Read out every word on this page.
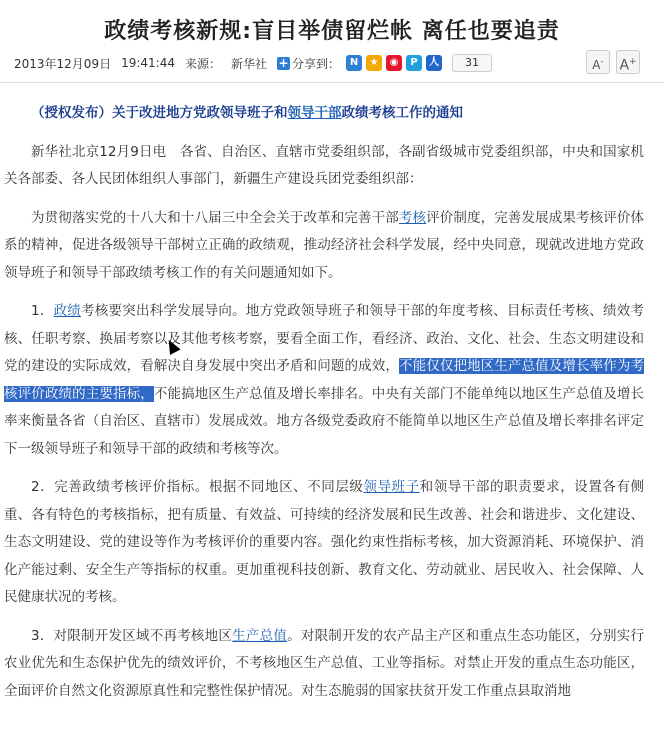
政绩考核新规:盲目举债留烂帐 离任也要追责
2013年12月09日 19:41:44 来源： 新华社 + 分享到： N	★	◉	P	人	31	A-	A+

（授权发布）关于改进地方党政领导班子和领导干部政绩考核工作的通知

新华社北京12月9日电　各省、自治区、直辖市党委组织部，各副省级城市党委组织部，中央和国家机关各部委、各人民团体组织人事部门，新疆生产建设兵团党委组织部：

为贯彻落实党的十八大和十八届三中全会关于改革和完善干部考核评价制度，完善发展成果考核评价体系的精神，促进各级领导干部树立正确的政绩观，推动经济社会科学发展，经中央同意，现就改进地方党政领导班子和领导干部政绩考核工作的有关问题通知如下。

1．政绩考核要突出科学发展导向。地方党政领导班子和领导干部的年度考核、目标责任考核、绩效考核、任职考察、换届考察以及其他考核考察，要看全面工作，看经济、政治、文化、社会、生态文明建设和党的建设的实际成效，看解决自身发展中突出矛盾和问题的成效，不能仅仅把地区生产总值及增长率作为考核评价政绩的主要指标，不能搞地区生产总值及增长率排名。中央有关部门不能单纯以地区生产总值及增长率来衡量各省（自治区、直辖市）发展成效。地方各级党委政府不能简单以地区生产总值及增长率排名评定下一级领导班子和领导干部的政绩和考核等次。

2．完善政绩考核评价指标。根据不同地区、不同层级领导班子和领导干部的职责要求，设置各有侧重、各有特色的考核指标，把有质量、有效益、可持续的经济发展和民生改善、社会和谐进步、文化建设、生态文明建设、党的建设等作为考核评价的重要内容。强化约束性指标考核，加大资源消耗、环境保护、消化产能过剩、安全生产等指标的权重。更加重视科技创新、教育文化、劳动就业、居民收入、社会保障、人民健康状况的考核。

3．对限制开发区域不再考核地区生产总值。对限制开发的农产品主产区和重点生态功能区，分别实行农业优先和生态保护优先的绩效评价，不考核地区生产总值、工业等指标。对禁止开发的重点生态功能区，全面评价自然文化资源原真性和完整性保护情况。对生态脆弱的国家扶贫开发工作重点县取消地
